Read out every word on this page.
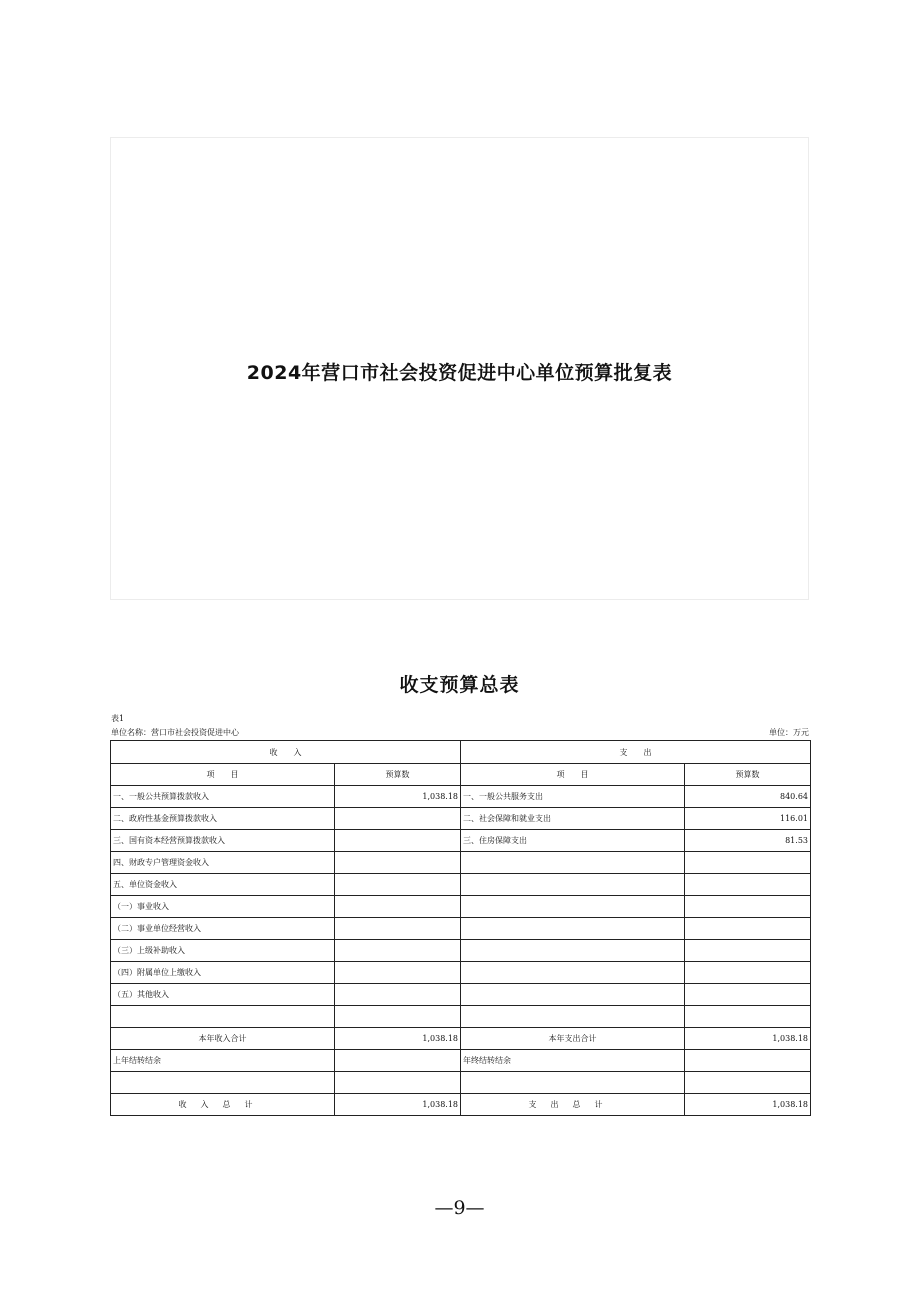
2024年营口市社会投资促进中心单位预算批复表
收支预算总表
表1
单位名称：营口市社会投资促进中心	单位：万元
收　　入		支　　出	
项　　目	预算数	项　　目	预算数
一、一般公共预算拨款收入	1,038.18	一、一般公共服务支出	840.64
二、政府性基金预算拨款收入		二、社会保障和就业支出	116.01
三、国有资本经营预算拨款收入		三、住房保障支出	81.53
四、财政专户管理资金收入			
五、单位资金收入			
（一）事业收入			
（二）事业单位经营收入			
（三）上级补助收入			
（四）附属单位上缴收入			
（五）其他收入			

本年收入合计	1,038.18	本年支出合计	1,038.18
上年结转结余		年终结转结余	

收入总计	1,038.18	支出总计	1,038.18
—9—
